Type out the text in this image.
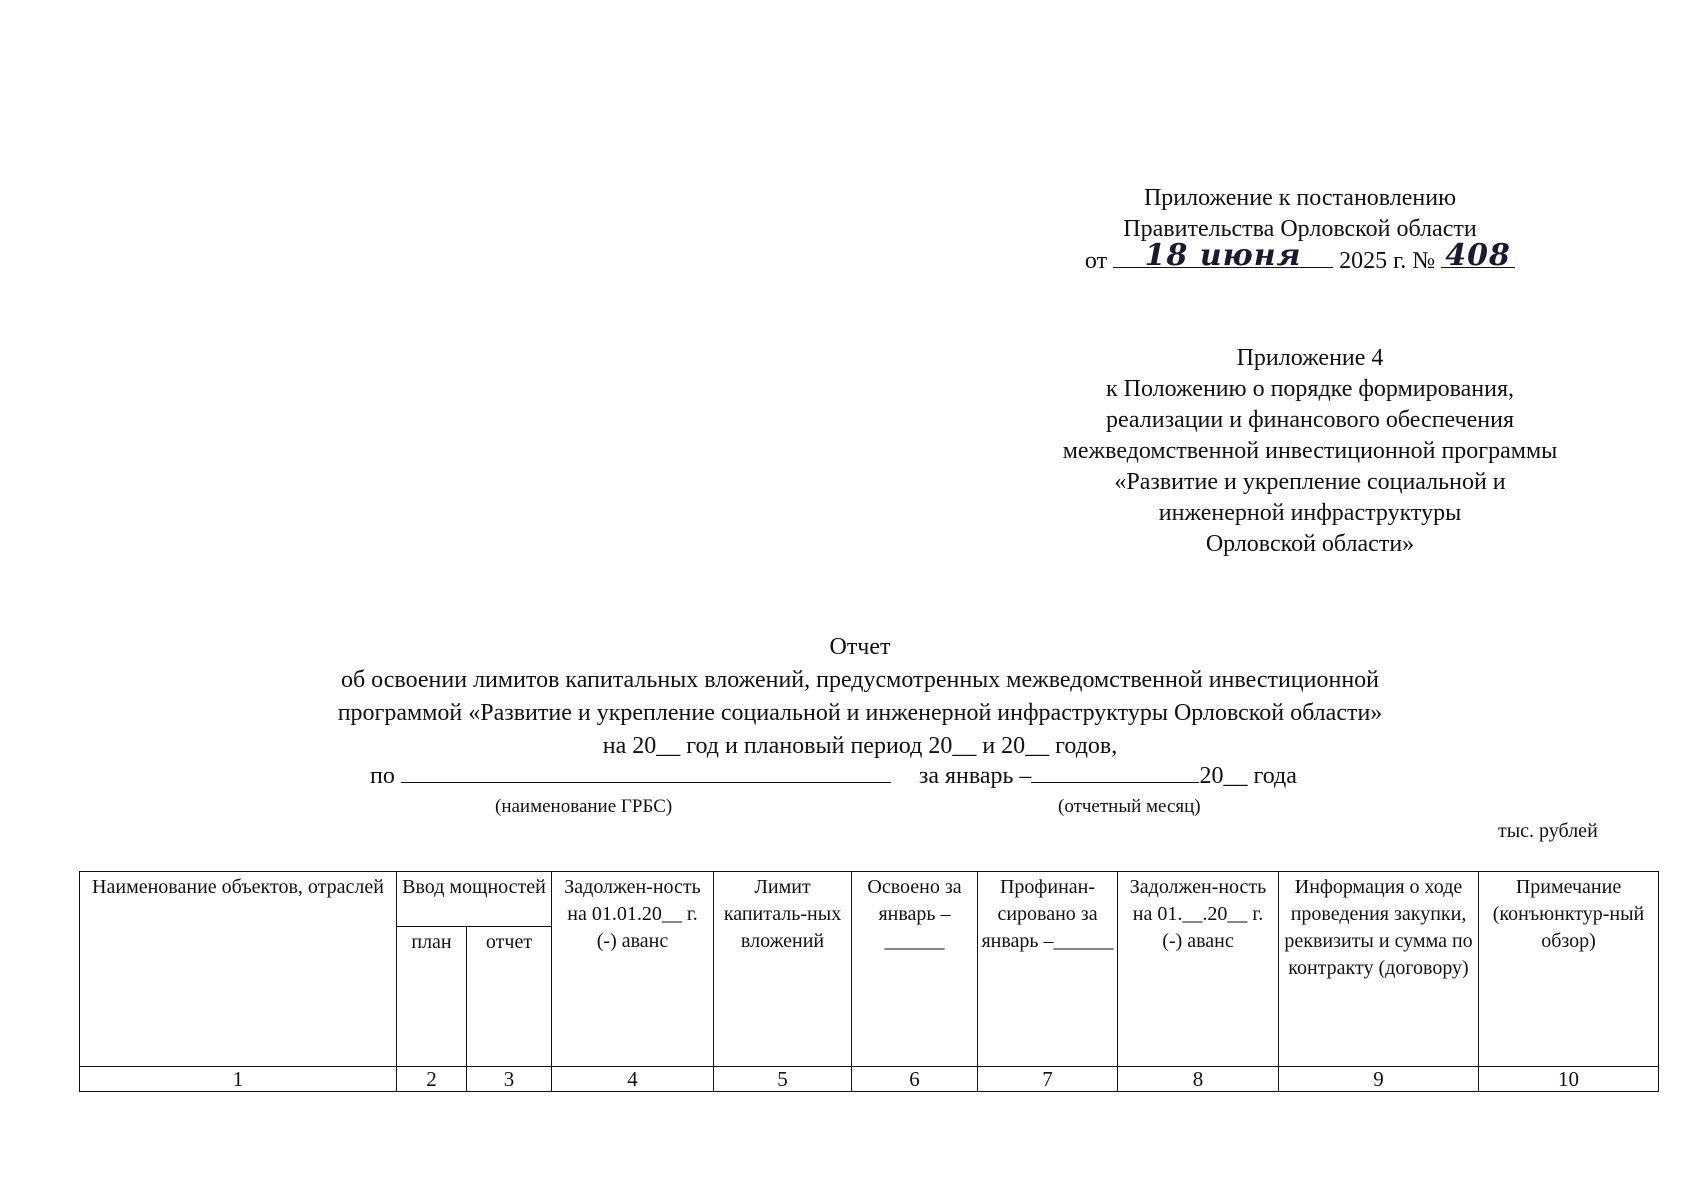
Приложение к постановлению
Правительства Орловской области
от	18 июня	2025 г. № 408
Приложение 4
к Положению о порядке формирования,
реализации и финансового обеспечения
межведомственной инвестиционной программы
«Развитие и укрепление социальной и
инженерной инфраструктуры
Орловской области»
Отчет
об освоении лимитов капитальных вложений, предусмотренных межведомственной инвестиционной
программой «Развитие и укрепление социальной и инженерной инфраструктуры Орловской области»
на 20__ год и плановый период 20__ и 20__ годов,
по	за январь –	20__ года
(наименование ГРБС)	(отчетный месяц)
тыс. рублей
Наименование объектов, отраслей	Ввод мощностей		Задолжен-ность на 01.01.20__ г. (-) аванс	Лимит капиталь-ных вложений	Освоено за январь –______	Профинан-сировано за январь –______	Задолжен-ность на 01.__.20__ г. (-) аванс	Информация о ходе проведения закупки, реквизиты и сумма по контракту (договору)	Примечание (конъюнктур-ный обзор)
	план	отчет							
1	2	3	4	5	6	7	8	9	10
